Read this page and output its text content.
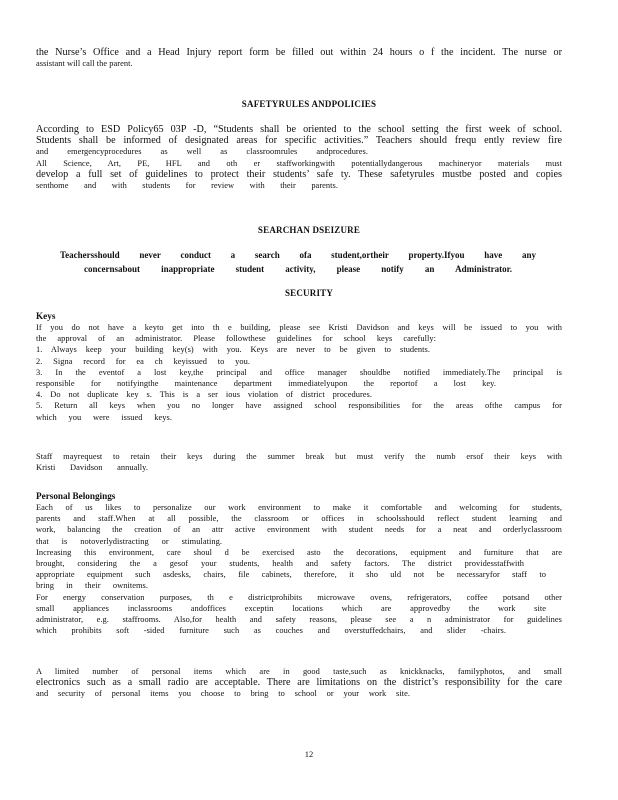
the Nurse’s Office and a Head Injury report form be filled out within 24 hours o f the incident. The nurse or
assistant will call the parent.
SAFETYRULES ANDPOLICIES
According to ESD Policy65 03P -D, “Students shall be oriented to the school setting the first week of school.
Students shall be informed of designated areas for specific activities.” Teachers should frequ ently review fire
and emergencyprocedures as well as classroomrules andprocedures.
All Science, Art, PE, HFL and oth er staffworkingwith potentiallydangerous machineryor materials must
develop a full set of guidelines to protect their students’ safe ty. These safetyrules mustbe posted and copies
senthome and with students for review with their parents.
SEARCHAN DSEIZURE
Teachersshould never conduct a search ofa student,ortheir property.Ifyou have any
concernsabout inappropriate student activity, please notify an Administrator.
SECURITY
Keys
If you do not have a keyto get into th e building, please see Kristi Davidson and keys will be issued to you with
the approval of an administrator. Please followthese guidelines for school keys carefully:
1. Always keep your building key(s) with you. Keys are never to be given to students.
2. Signa record for ea ch keyissued to you.
3. In the eventof a lost key,the principal and office manager shouldbe notified immediately.The principal is
responsible for notifyingthe maintenance department immediatelyupon the reportof a lost key.
4. Do not duplicate key s. This is a ser ious violation of district procedures.
5. Return all keys when you no longer have assigned school responsibilities for the areas ofthe campus for
which you were issued keys.
Staff mayrequest to retain their keys during the summer break but must verify the numb ersof their keys with
Kristi Davidson annually.
Personal Belongings
Each of us likes to personalize our work environment to make it comfortable and welcoming for students,
parents and staff.When at all possible, the classroom or offices in schoolsshould reflect student learning and
work, balancing the creation of an attr active environment with student needs for a neat and orderlyclassroom
that is notoverlydistracting or stimulating.
Increasing this environment, care shoul d be exercised asto the decorations, equipment and furniture that are
brought, considering the a gesof your students, health and safety factors. The district providesstaffwith
appropriate equipment such asdesks, chairs, file cabinets, therefore, it sho uld not be necessaryfor staff to
bring in their ownitems.
For energy conservation purposes, th e districtprohibits microwave ovens, refrigerators, coffee potsand other
small appliances inclassrooms andoffices exceptin locations which are approvedby the work site
administrator, e.g. staffrooms. Also,for health and safety reasons, please see a n administrator for guidelines
which prohibits soft -sided furniture such as couches and overstuffedchairs, and slider -chairs.
A limited number of personal items which are in good taste,such as knickknacks, familyphotos, and small
electronics such as a small radio are acceptable. There are limitations on the district’s responsibility for the care
and security of personal items you choose to bring to school or your work site.
12
